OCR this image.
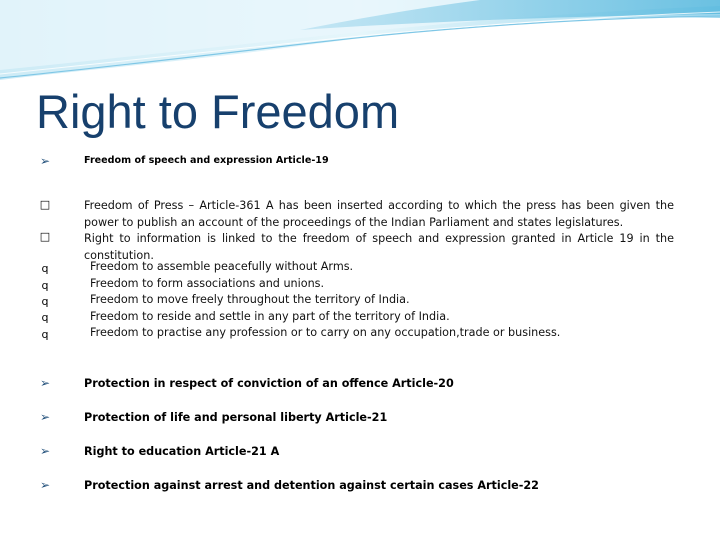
Right to Freedom
➢	Freedom of speech and expression Article-19
□
□
Freedom of Press – Article-361 A has been inserted according to which the press has been given the power to publish an account of the proceedings of the Indian Parliament and states legislatures.
Right to information is linked to the freedom of speech and expression granted in Article 19 in the constitution.
q
q
q
q
q
Freedom to assemble peacefully without Arms.
Freedom to form associations and unions.
Freedom to move freely throughout the territory of India.
Freedom to reside and settle in any part of the territory of India.
Freedom to practise any profession or to carry on any occupation,trade or business.
➢	Protection in respect of conviction of an offence Article-20
➢	Protection of life and personal liberty Article-21
➢	Right to education Article-21 A
➢	Protection against arrest and detention against certain cases Article-22
